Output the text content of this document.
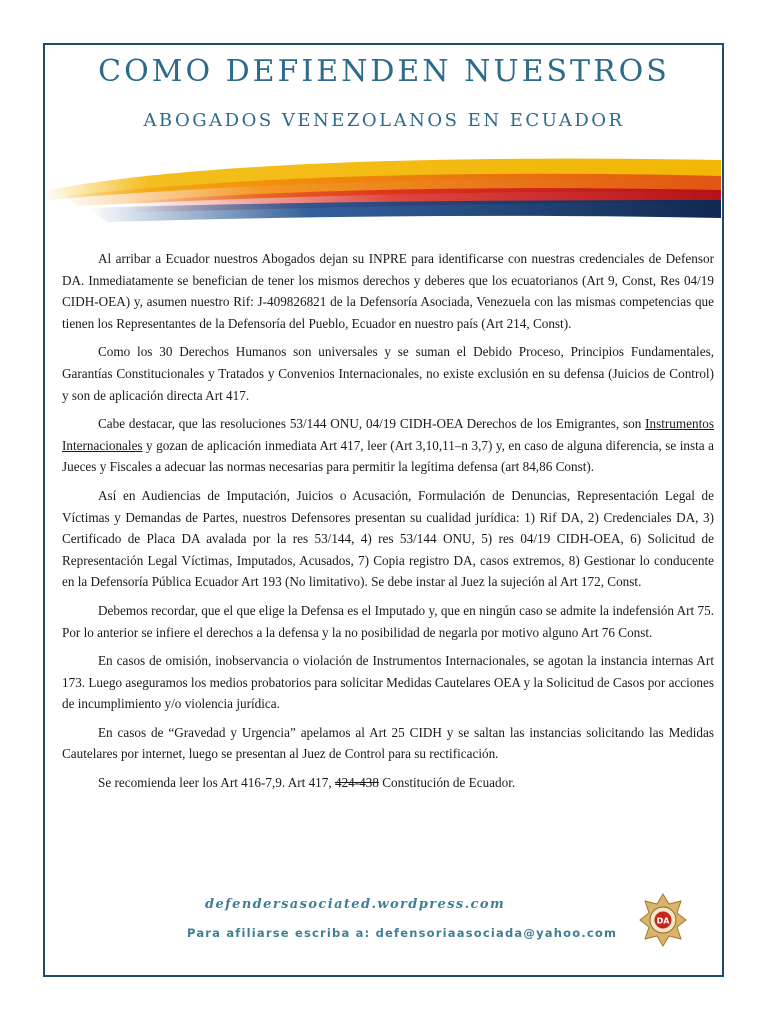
COMO DEFIENDEN NUESTROS
ABOGADOS VENEZOLANOS EN ECUADOR

Al arribar a Ecuador nuestros Abogados dejan su INPRE para identificarse con nuestras credenciales de Defensor DA. Inmediatamente se benefician de tener los mismos derechos y deberes que los ecuatorianos (Art 9, Const, Res 04/19 CIDH-OEA) y, asumen nuestro Rif: J-409826821 de la Defensoría Asociada, Venezuela con las mismas competencias que tienen los Representantes de la Defensoría del Pueblo, Ecuador en nuestro país (Art 214, Const).

Como los 30 Derechos Humanos son universales y se suman el Debido Proceso, Principios Fundamentales, Garantías Constitucionales y Tratados y Convenios Internacionales, no existe exclusión en su defensa (Juicios de Control) y son de aplicación directa Art 417.

Cabe destacar, que las resoluciones 53/144 ONU, 04/19 CIDH-OEA Derechos de los Emigrantes, son Instrumentos Internacionales y gozan de aplicación inmediata Art 417, leer (Art 3,10,11–n 3,7) y, en caso de alguna diferencia, se insta a Jueces y Fiscales a adecuar las normas necesarias para permitir la legítima defensa (art 84,86 Const).

Así en Audiencias de Imputación, Juicios o Acusación, Formulación de Denuncias, Representación Legal de Víctimas y Demandas de Partes, nuestros Defensores presentan su cualidad jurídica: 1) Rif DA, 2) Credenciales DA, 3) Certificado de Placa DA avalada por la res 53/144, 4) res 53/144 ONU, 5) res 04/19 CIDH-OEA, 6) Solicitud de Representación Legal Víctimas, Imputados, Acusados, 7) Copia registro DA, casos extremos, 8) Gestionar lo conducente en la Defensoría Pública Ecuador Art 193 (No limitativo). Se debe instar al Juez la sujeción al Art 172, Const.

Debemos recordar, que el que elige la Defensa es el Imputado y, que en ningún caso se admite la indefensión Art 75. Por lo anterior se infiere el derechos a la defensa y la no posibilidad de negarla por motivo alguno Art 76 Const.

En casos de omisión, inobservancia o violación de Instrumentos Internacionales, se agotan la instancia internas Art 173. Luego aseguramos los medios probatorios para solicitar Medidas Cautelares OEA y la Solicitud de Casos por acciones de incumplimiento y/o violencia jurídica.

En casos de “Gravedad y Urgencia” apelamos al Art 25 CIDH y se saltan las instancias solicitando las Medidas Cautelares por internet, luego se presentan al Juez de Control para su rectificación.

Se recomienda leer los Art 416-7,9. Art 417, 424-438 Constitución de Ecuador.

defendersasociated.wordpress.com
Para afiliarse escriba a: defensoriaasociada@yahoo.com
DA
